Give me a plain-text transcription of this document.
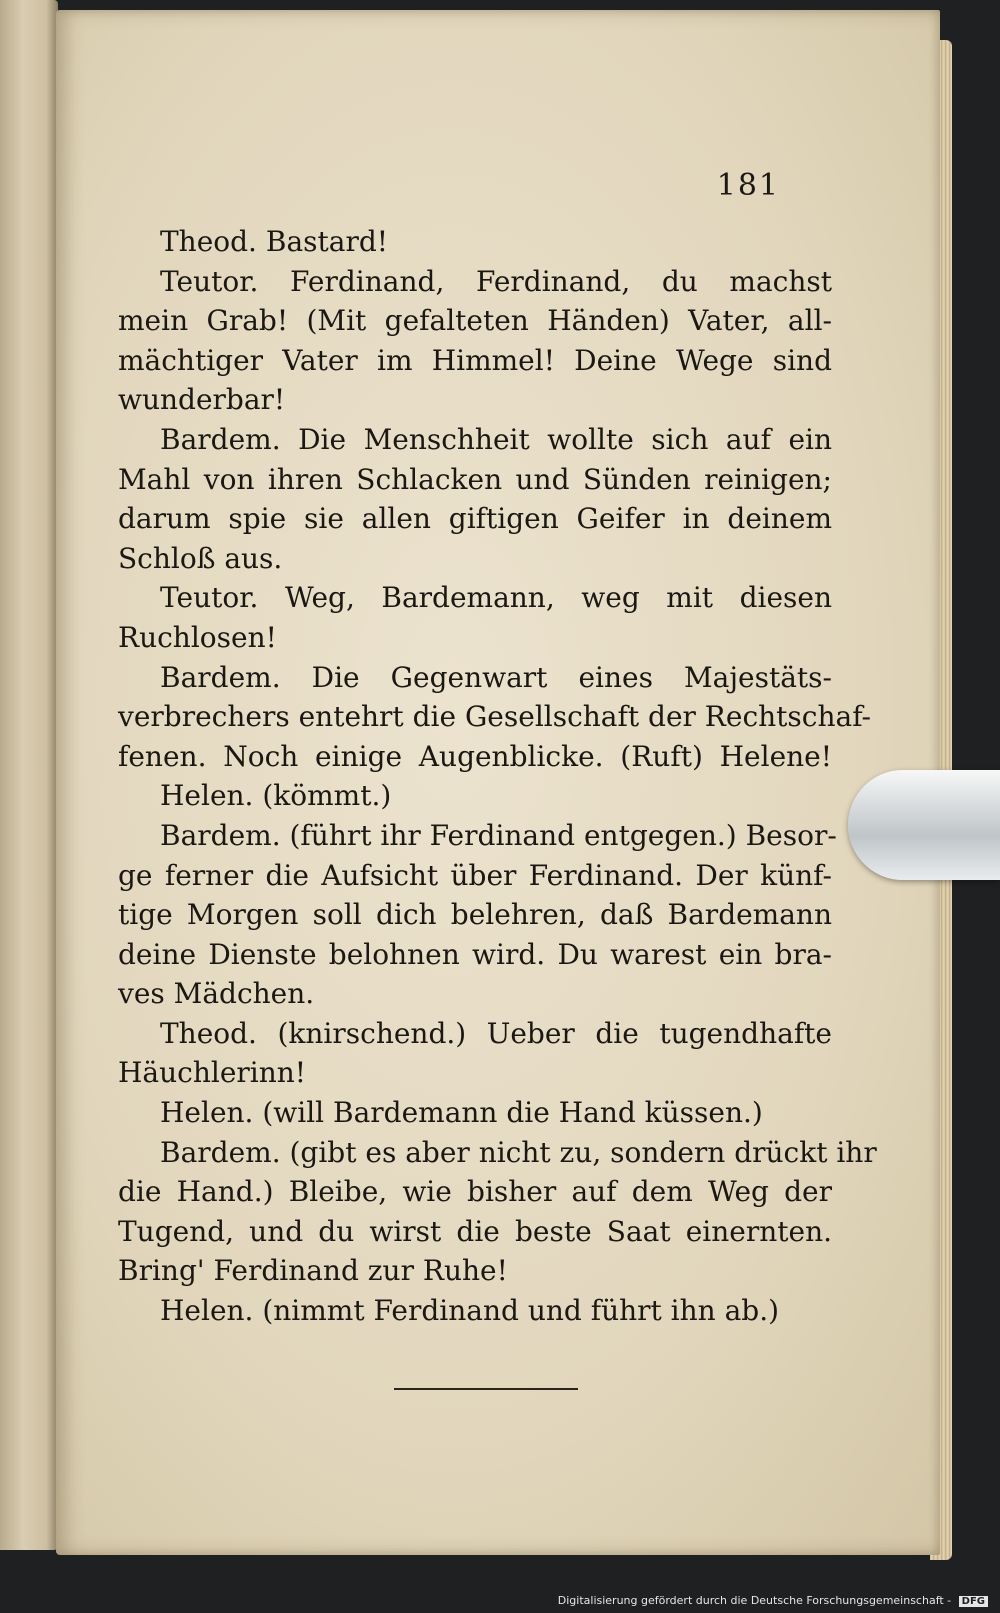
181
Theod. Bastard!
Teutor. Ferdinand, Ferdinand, du machst
mein Grab! (Mit gefalteten Händen) Vater, all-
mächtiger Vater im Himmel! Deine Wege sind
wunderbar!
Bardem. Die Menschheit wollte sich auf ein
Mahl von ihren Schlacken und Sünden reinigen;
darum spie sie allen giftigen Geifer in deinem
Schloß aus.
Teutor. Weg, Bardemann, weg mit diesen
Ruchlosen!
Bardem. Die Gegenwart eines Majestäts-
verbrechers entehrt die Gesellschaft der Rechtschaf-
fenen. Noch einige Augenblicke. (Ruft) Helene!
Helen. (kömmt.)
Bardem. (führt ihr Ferdinand entgegen.) Besor-
ge ferner die Aufsicht über Ferdinand. Der künf-
tige Morgen soll dich belehren, daß Bardemann
deine Dienste belohnen wird. Du warest ein bra-
ves Mädchen.
Theod. (knirschend.) Ueber die tugendhafte
Häuchlerinn!
Helen. (will Bardemann die Hand küssen.)
Bardem. (gibt es aber nicht zu, sondern drückt ihr
die Hand.) Bleibe, wie bisher auf dem Weg der
Tugend, und du wirst die beste Saat einernten.
Bring' Ferdinand zur Ruhe!
Helen. (nimmt Ferdinand und führt ihn ab.)
Digitalisierung gefördert durch die Deutsche Forschungsgemeinschaft - DFG
